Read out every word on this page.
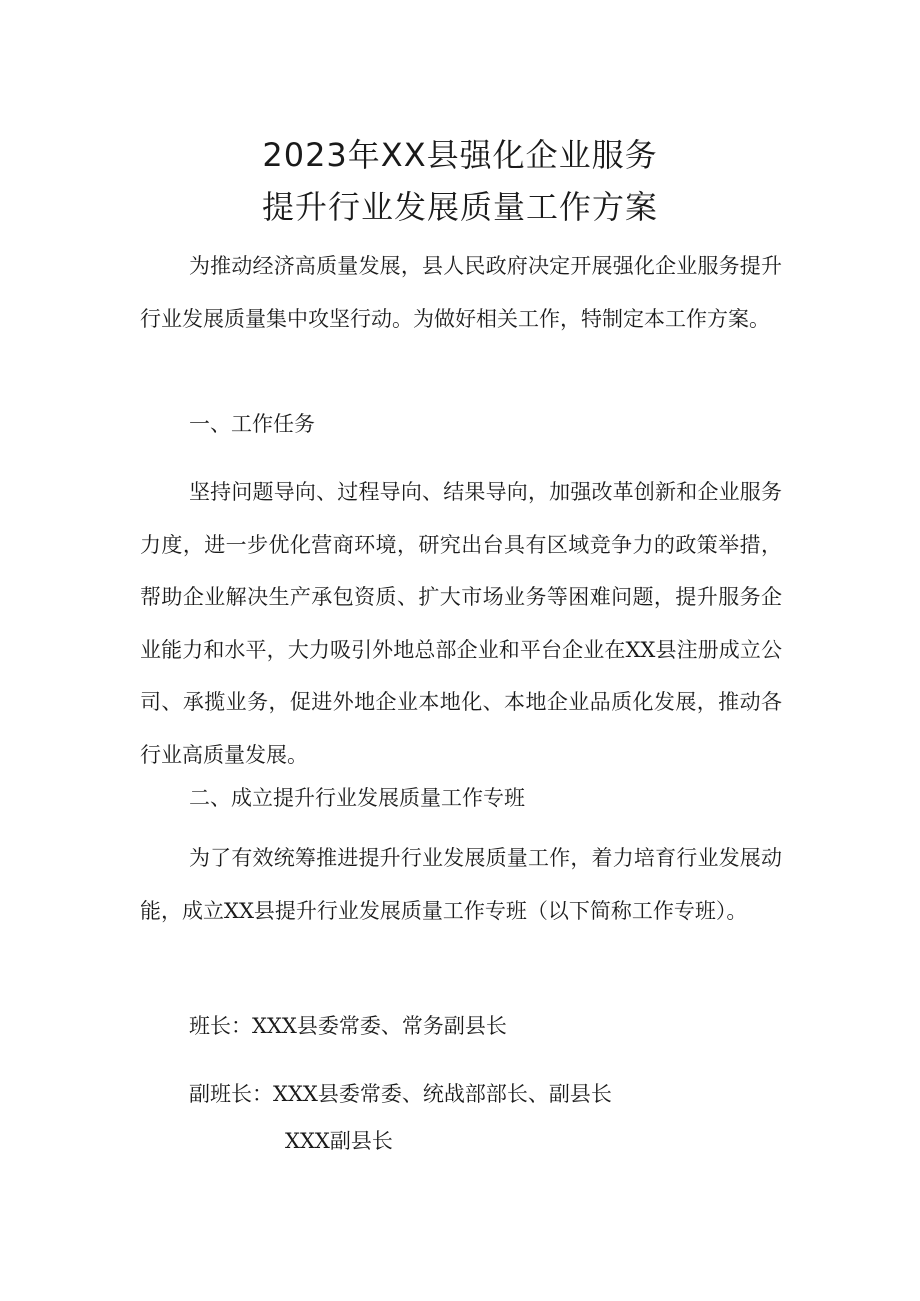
2023年XX县强化企业服务
提升行业发展质量工作方案

为推动经济高质量发展，县人民政府决定开展强化企业服务提升行业发展质量集中攻坚行动。为做好相关工作，特制定本工作方案。

一、工作任务

坚持问题导向、过程导向、结果导向，加强改革创新和企业服务力度，进一步优化营商环境，研究出台具有区域竞争力的政策举措，帮助企业解决生产承包资质、扩大市场业务等困难问题，提升服务企业能力和水平，大力吸引外地总部企业和平台企业在XX县注册成立公司、承揽业务，促进外地企业本地化、本地企业品质化发展，推动各行业高质量发展。

二、成立提升行业发展质量工作专班

为了有效统筹推进提升行业发展质量工作，着力培育行业发展动能，成立XX县提升行业发展质量工作专班（以下简称工作专班）。

班长：XXX县委常委、常务副县长

副班长：XXX县委常委、统战部部长、副县长

XXX副县长
